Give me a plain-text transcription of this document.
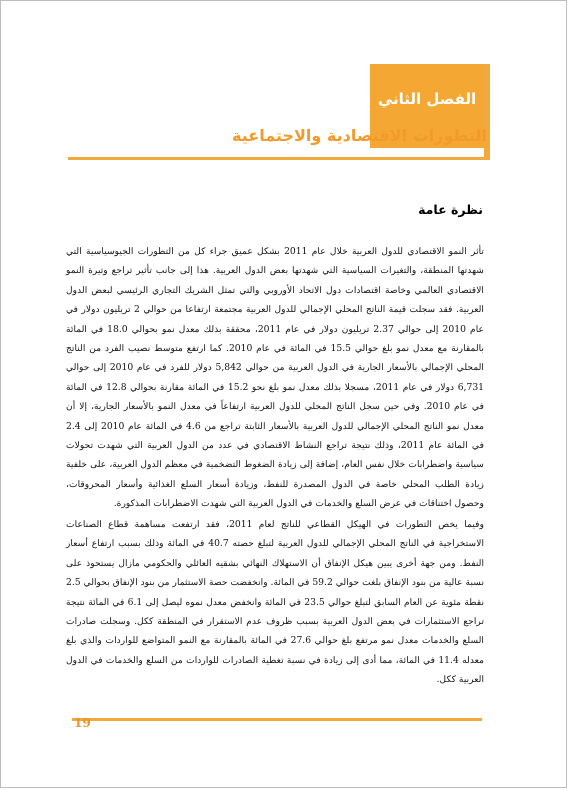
الفصل الثاني
التطورات الاقتصادية والاجتماعية
نظرة عامة

تأثر النمو الاقتصادي للدول العربية خلال عام 2011 بشكل عميق جراء كل من التطورات الجيوسياسية التي شهدتها المنطقة، والتغيرات السياسية التي شهدتها بعض الدول العربية. هذا إلى جانب تأثير تراجع وتيرة النمو الاقتصادي العالمي وخاصة اقتصادات دول الاتحاد الأوروبي والتي تمثل الشريك التجاري الرئيسي لبعض الدول العربية. فقد سجلت قيمة الناتج المحلي الإجمالي للدول العربية مجتمعة ارتفاعا من حوالي 2 تريليون دولار في عام 2010 إلى حوالي 2.37 تريليون دولار في عام 2011، محققة بذلك معدل نمو بحوالي 18.0 في المائة بالمقارنة مع معدل نمو بلغ حوالي 15.5 في المائة في عام 2010. كما ارتفع متوسط نصيب الفرد من الناتج المحلي الإجمالي بالأسعار الجارية في الدول العربية من حوالي 5,842 دولار للفرد في عام 2010 إلى حوالي 6,731 دولار في عام 2011، مسجلا بذلك معدل نمو بلغ نحو 15.2 في المائة مقارنة بحوالي 12.8 في المائة في عام 2010. وفي حين سجل الناتج المحلي للدول العربية ارتفاعاً في معدل النمو بالأسعار الجارية، إلا أن معدل نمو الناتج المحلي الإجمالي للدول العربية بالأسعار الثابتة تراجع من 4.6 في المائة عام 2010 إلى 2.4 في المائة عام 2011، وذلك نتيجة تراجع النشاط الاقتصادي في عدد من الدول العربية التي شهدت تحولات سياسية واضطرابات خلال نفس العام، إضافة إلى زيادة الضغوط التضخمية في معظم الدول العربية، على خلفية زيادة الطلب المحلي خاصة في الدول المصدرة للنفط، وزيادة أسعار السلع الغذائية وأسعار المحروقات، وحصول اختناقات في عرض السلع والخدمات في الدول العربية التي شهدت الاضطرابات المذكورة.

وفيما يخص التطورات في الهيكل القطاعي للناتج لعام 2011، فقد ارتفعت مساهمة قطاع الصناعات الاستخراجية في الناتج المحلي الإجمالي للدول العربية لتبلغ حصته 40.7 في المائة وذلك بسبب ارتفاع أسعار النفط. ومن جهة أخرى يبين هيكل الإنفاق أن الاستهلاك النهائي بشقيه العائلي والحكومي مازال يستحوذ على نسبة عالية من بنود الإنفاق بلغت حوالي 59.2 في المائة. وانخفضت حصة الاستثمار من بنود الإنفاق بحوالي 2.5 نقطة مئوية عن العام السابق لتبلغ حوالي 23.5 في المائة وانخفض معدل نموه ليصل إلى 6.1 في المائة نتيجة تراجع الاستثمارات في بعض الدول العربية بسبب ظروف عدم الاستقرار في المنطقة ككل. وسجلت صادرات السلع والخدمات معدل نمو مرتفع بلغ حوالي 27.6 في المائة بالمقارنة مع النمو المتواضع للواردات والذي بلغ معدله 11.4 في المائة، مما أدى إلى زيادة في نسبة تغطية الصادرات للواردات من السلع والخدمات في الدول العربية ككل.

19
